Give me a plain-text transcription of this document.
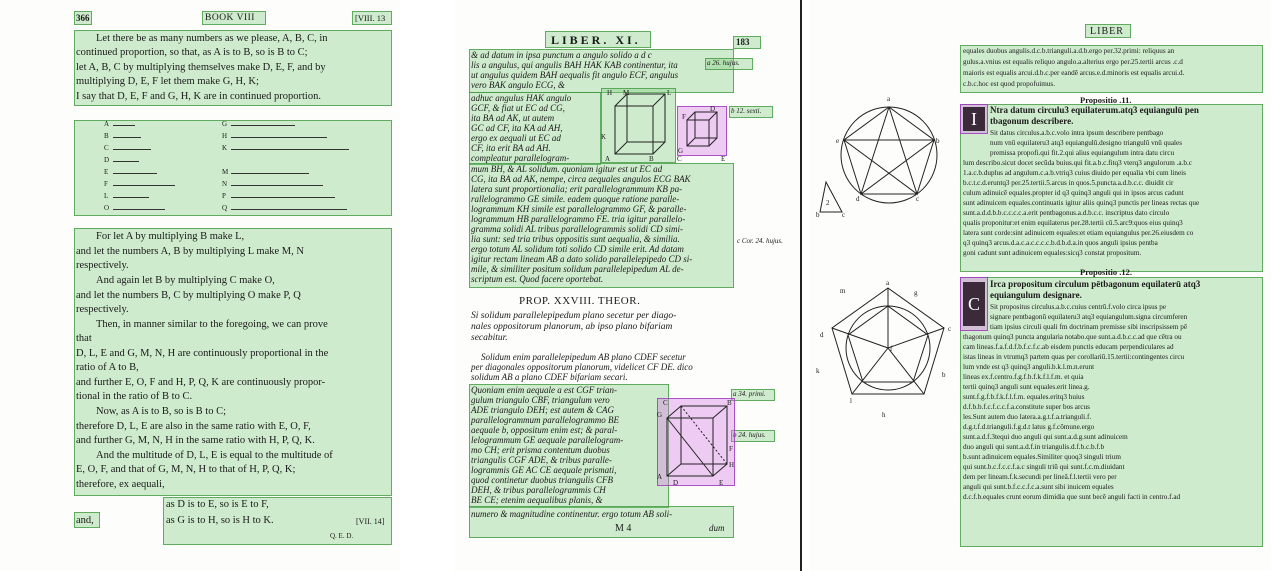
366	BOOK VIII	[VIII. 13
Let there be as many numbers as we please, A, B, C, in
continued proportion, so that, as A is to B, so is B to C;
let A, B, C by multiplying themselves make D, E, F, and by
multiplying D, E, F let them make G, H, K;
I say that D, E, F and G, H, K are in continued proportion.
A
B
C
D
E
F
L
O
G
H
K
M
N
P
Q
For let A by multiplying B make L,
and let the numbers A, B by multiplying L make M, N
respectively.
And again let B by multiplying C make O,
and let the numbers B, C by multiplying O make P, Q
respectively.
Then, in manner similar to the foregoing, we can prove
that
D, L, E and G, M, N, H are continuously proportional in the
ratio of A to B,
and further E, O, F and H, P, Q, K are continuously propor-
tional in the ratio of B to C.
Now, as A is to B, so is B to C;
therefore D, L, E are also in the same ratio with E, O, F,
and further G, M, N, H in the same ratio with H, P, Q, K.
And the multitude of D, L, E is equal to the multitude of
E, O, F, and that of G, M, N, H to that of H, P, Q, K;
therefore, ex aequali,
and,
as D is to E, so is E to F,
as G is to H, so is H to K.	[VII. 14]
Q. E. D.
LIBER. XI.	183
& ad datum in ipsa punctum a angulo solido a d c
lis a angulus, qui angulis BAH HAK KAB continentur, ita
ut angulus quidem BAH aequalis fit angulo ECF, angulus
vero BAK angulo ECG, &
a 26. hujus.
adhuc angulus HAK angulo
GCF, & fiat ut EC ad CG,
ita BA ad AK, ut autem
GC ad CF, ita KA ad AH,
ergo ex aequali ut EC ad
CF, ita erit BA ad AH.
compleatur parallelogram-
H M	L
K
A	B	C
D
F
G
E
b 12. sexti.
mum BH, & AL solidum. quoniam igitur est ut EC ad
CG, ita BA ad AK, nempe, circa aequales angulos ECG BAK
latera sunt proportionalia; erit parallelogrammum KB pa-
rallelogrammo GE simile. eadem quoque ratione paralle-
logrammum KH simile est parallelogrammo GF, & paralle-
logrammum HB parallelogrammo FE. tria igitur parallelo-
gramma solidi AL tribus parallelogrammis solidi CD simi-
lia sunt: sed tria tribus oppositis sunt aequalia, & similia.
ergo totum AL solidum toti solido CD simile erit. Ad datam
igitur rectam lineam AB a dato solido parallelepipedo CD si-
mile, & similiter positum solidum parallelepipedum AL de-
scriptum est. Quod facere oportebat.
c Cor. 24. hujus.
PROP. XXVIII. THEOR.
Si solidum parallelepipedum plano secetur per diago-
nales oppositorum planorum, ab ipso plano bifariam
secabitur.
Solidum enim parallelepipedum AB plano CDEF secetur
per diagonales oppositorum planorum, videlicet CF DE. dico
solidum AB a plano CDEF bifariam secari.
Quoniam enim aequale a est CGF trian-
gulum triangulo CBF, triangulum vero
ADE triangulo DEH; est autem & CAG
parallelogrammum parallelogrammo BE
aequale b, oppositum enim est; & paral-
lelogrammum GE aequale parallelogram-
mo CH; erit prisma contentum duobus
triangulis CGF ADE, & tribus paralle-
logrammis GE AC CE aequale prismati,
quod continetur duobus triangulis CFB
DEH, & tribus parallelogrammis CH
BE CE; etenim aequalibus planis, &
a 34. primi.
b 24. hujus.
C	B
G
A
D
F
H
E
numero & magnitudine continentur. ergo totum AB soli-
dum
M 4
LIBER
equales duobus angulis.d.c.b.trianguli.a.d.b.ergo per.32.primi: reliquus an
gulus.a.vnius est equalis reliquo angulo.a.alterius ergo per.25.tertii arcus .c.d
maioris est equalis arcui.d.b.c.per eandē arcus.e.d.minoris est equalis arcui.d.
c.b.c.hoc est quod propofuimus.
Propositio .11.
I	Ntra datum circulu3 equilaterum.atq3 equiangulū pen
tbagonum describere.
Sit datus circulus.a.b.c.volo intra ipsum describere pentbago
num vnū equilateru3 atq3 equiangulū.designo triangulū vnū quales
premissa propofi.qui fit.2.qui alius equiangulum intra datu circu
lum describo.sicut docet secūda buius.qui fit.a.b.c.fitq3 vterq3 angulorum .a.b.c
1.a.c.b.duplus ad angulum.c.a.b.vtriq3 cuius diuido per equalia vbi cum lineis
b.c.t.c.d.eruntq3 per.25.tertii.5.arcus in quos.5.puncta.a.d.b.c.c. diuidit cir
culum adinuicē equales.propter id q3 quinq3 anguli qui in ipsos arcus cadunt
sunt adinuicem equales.continuatis igitur aliis quinq3 punctis per lineas rectas que
sunt.a.d.d.b.b.c.c.c.c.a.erit pentbagonus.a.d.b.c.c. inscriptus dato circulo
qualis proponitur:et enim equilaterus per.28.tertii cū.5.arc9:quos eius quinq3
latera sunt corde:sint adinuicem equales:et etiam equiangulus per.26.eiusdem co
q3 quinq3 arcus.d.a.c.a.c.c.c.c.b.d.b.d.a.in quos anguli ipsius pentba
goni cadunt sunt adinuicem equales:sicq3 constat propositum.
Propositio .12.
C
Irca propositum circulum pētbagonum equilaterū atq3
equiangulum designare.
Sit propositus circulus.a.b.c.cuius centrū.f.volo circa ipsus pe
signare pentbagonū equilateru3 atq3 equiangulum.signa circumferen
tiam ipsius circuli quali fm doctrinam premisse sibi inscripsissem pē
thagonum quinq3 puncta angularia notabo.que sunt.a.d.b.c.c.ad que cētra ou
cam lineas.f.a.f.d.f.b.f.c.f.c.ab eisdem punctis educam perpendiculares ad
istas lineas in vtrumq3 partem quas per corollariū.15.tertii:contingentes circu
lum vnde est q3 quinq3 anguli.b.k.l.m.n.erunt
lineas ex.f.centro.f.g.f.b.f.k.f.l.f.m. et quia
tertii quinq3 anguli sunt equales.erit linea.g.
sunt.f.g.f.b.f.k.f.l.f.m. equales.eritq3 huius
d.f.b.b.f.c.f.c.c.f.a.constitute super bos arcus
les.Sunt autem duo latera.a.g.t.f.a.trianguli.f.
d.g.t.f.d.trianguli.f.g.d.t latus g.f.cōmune.ergo
sunt.a.d.f.3tequi duo anguli qui sunt.a.d.g.sunt adinuicem
duo anguli qui sunt.a.d.f.in triangulis.d.f.b.c.b.f.b
b.sunt adinuicem equales.Similiter quoq3 singuli trium
qui sunt.b.c.f.c.c.f.a.c singuli triū qui sunt.f.c.m.diuidant
dem per lineam.f.k.secundi per lineā.f.l.tertii vero per
anguli qui sunt.b.f.c.c.f.c.a.sunt sibi inuicem equales
d.c.f.b.equales crunt eorum dimidia que sunt becē anguli facti in centro.f.ad
a
e	b
c
d
2
b	c
m
a
g
c
d
f
k	b
l
h
